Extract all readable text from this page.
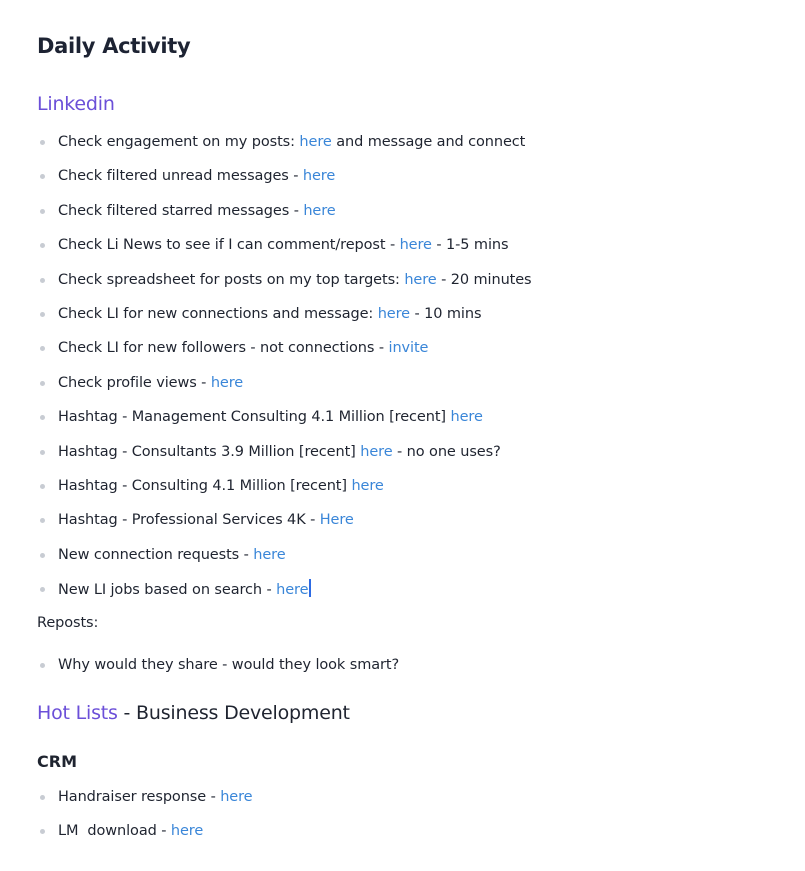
Daily Activity
Linkedin
Check engagement on my posts: here and message and connect
Check filtered unread messages - here
Check filtered starred messages - here
Check Li News to see if I can comment/repost - here - 1-5 mins
Check spreadsheet for posts on my top targets: here - 20 minutes
Check LI for new connections and message: here - 10 mins
Check LI for new followers - not connections - invite
Check profile views - here
Hashtag - Management Consulting 4.1 Million [recent] here
Hashtag - Consultants 3.9 Million [recent] here - no one uses?
Hashtag - Consulting 4.1 Million [recent] here
Hashtag - Professional Services 4K - Here
New connection requests - here
New LI jobs based on search - here
Reposts:
Why would they share - would they look smart?
Hot Lists - Business Development
CRM
Handraiser response - here
LM  download - here
